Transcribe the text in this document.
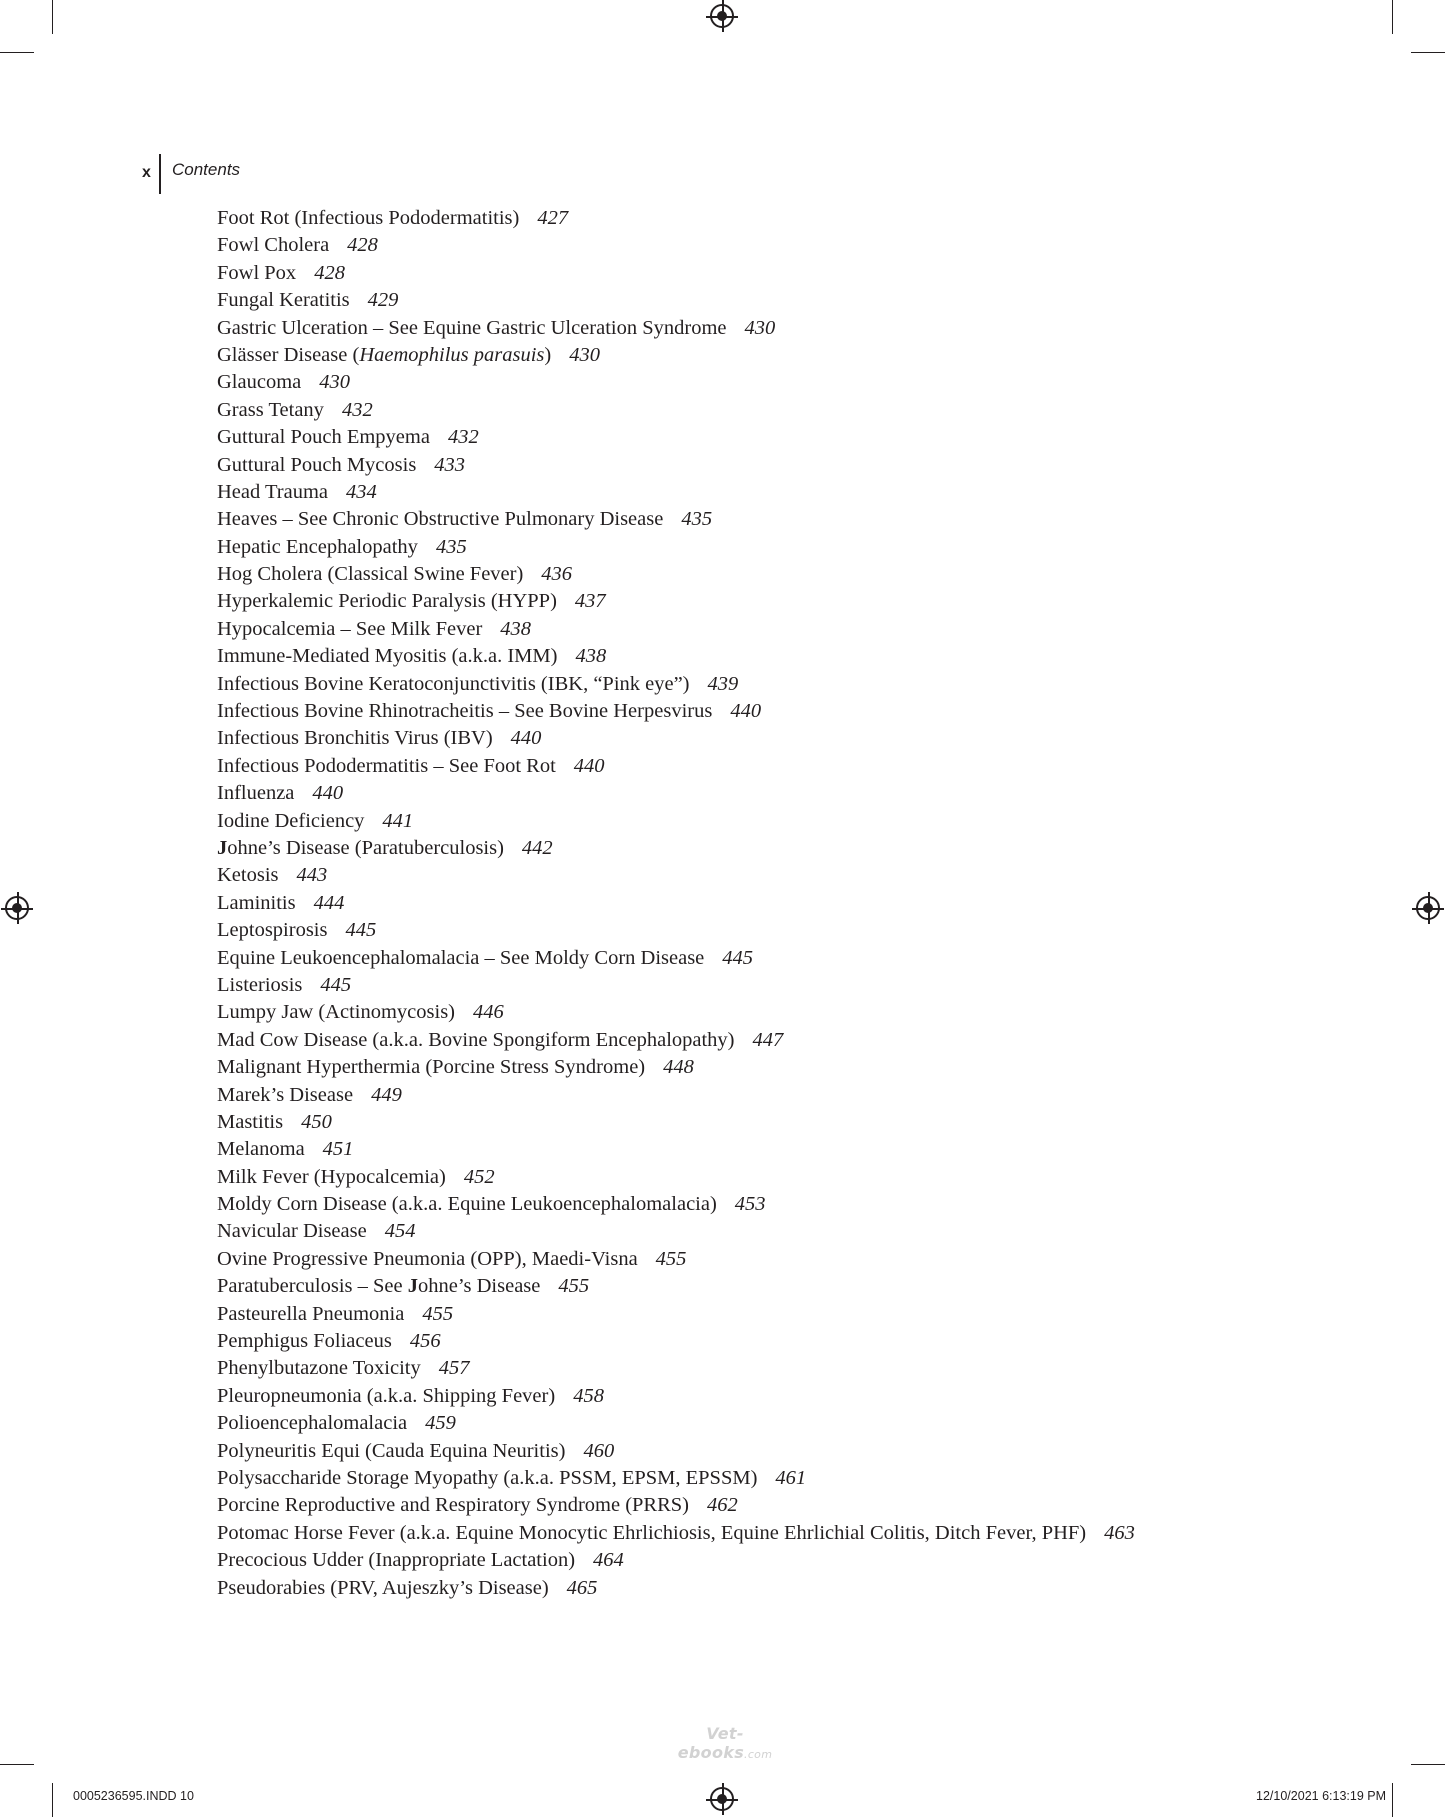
x Contents
Foot Rot (Infectious Pododermatitis) 427
Fowl Cholera 428
Fowl Pox 428
Fungal Keratitis 429
Gastric Ulceration – See Equine Gastric Ulceration Syndrome 430
Glässer Disease (Haemophilus parasuis) 430
Glaucoma 430
Grass Tetany 432
Guttural Pouch Empyema 432
Guttural Pouch Mycosis 433
Head Trauma 434
Heaves – See Chronic Obstructive Pulmonary Disease 435
Hepatic Encephalopathy 435
Hog Cholera (Classical Swine Fever) 436
Hyperkalemic Periodic Paralysis (HYPP) 437
Hypocalcemia – See Milk Fever 438
Immune-Mediated Myositis (a.k.a. IMM) 438
Infectious Bovine Keratoconjunctivitis (IBK, “Pink eye”) 439
Infectious Bovine Rhinotracheitis – See Bovine Herpesvirus 440
Infectious Bronchitis Virus (IBV) 440
Infectious Pododermatitis – See Foot Rot 440
Influenza 440
Iodine Deficiency 441
Johne’s Disease (Paratuberculosis) 442
Ketosis 443
Laminitis 444
Leptospirosis 445
Equine Leukoencephalomalacia – See Moldy Corn Disease 445
Listeriosis 445
Lumpy Jaw (Actinomycosis) 446
Mad Cow Disease (a.k.a. Bovine Spongiform Encephalopathy) 447
Malignant Hyperthermia (Porcine Stress Syndrome) 448
Marek’s Disease 449
Mastitis 450
Melanoma 451
Milk Fever (Hypocalcemia) 452
Moldy Corn Disease (a.k.a. Equine Leukoencephalomalacia) 453
Navicular Disease 454
Ovine Progressive Pneumonia (OPP), Maedi-Visna 455
Paratuberculosis – See Johne’s Disease 455
Pasteurella Pneumonia 455
Pemphigus Foliaceus 456
Phenylbutazone Toxicity 457
Pleuropneumonia (a.k.a. Shipping Fever) 458
Polioencephalomalacia 459
Polyneuritis Equi (Cauda Equina Neuritis) 460
Polysaccharide Storage Myopathy (a.k.a. PSSM, EPSM, EPSSM) 461
Porcine Reproductive and Respiratory Syndrome (PRRS) 462
Potomac Horse Fever (a.k.a. Equine Monocytic Ehrlichiosis, Equine Ehrlichial Colitis, Ditch Fever, PHF) 463
Precocious Udder (Inappropriate Lactation) 464
Pseudorabies (PRV, Aujeszky’s Disease) 465
Vet-ebooks.com
0005236595.INDD 10	12/10/2021 6:13:19 PM
